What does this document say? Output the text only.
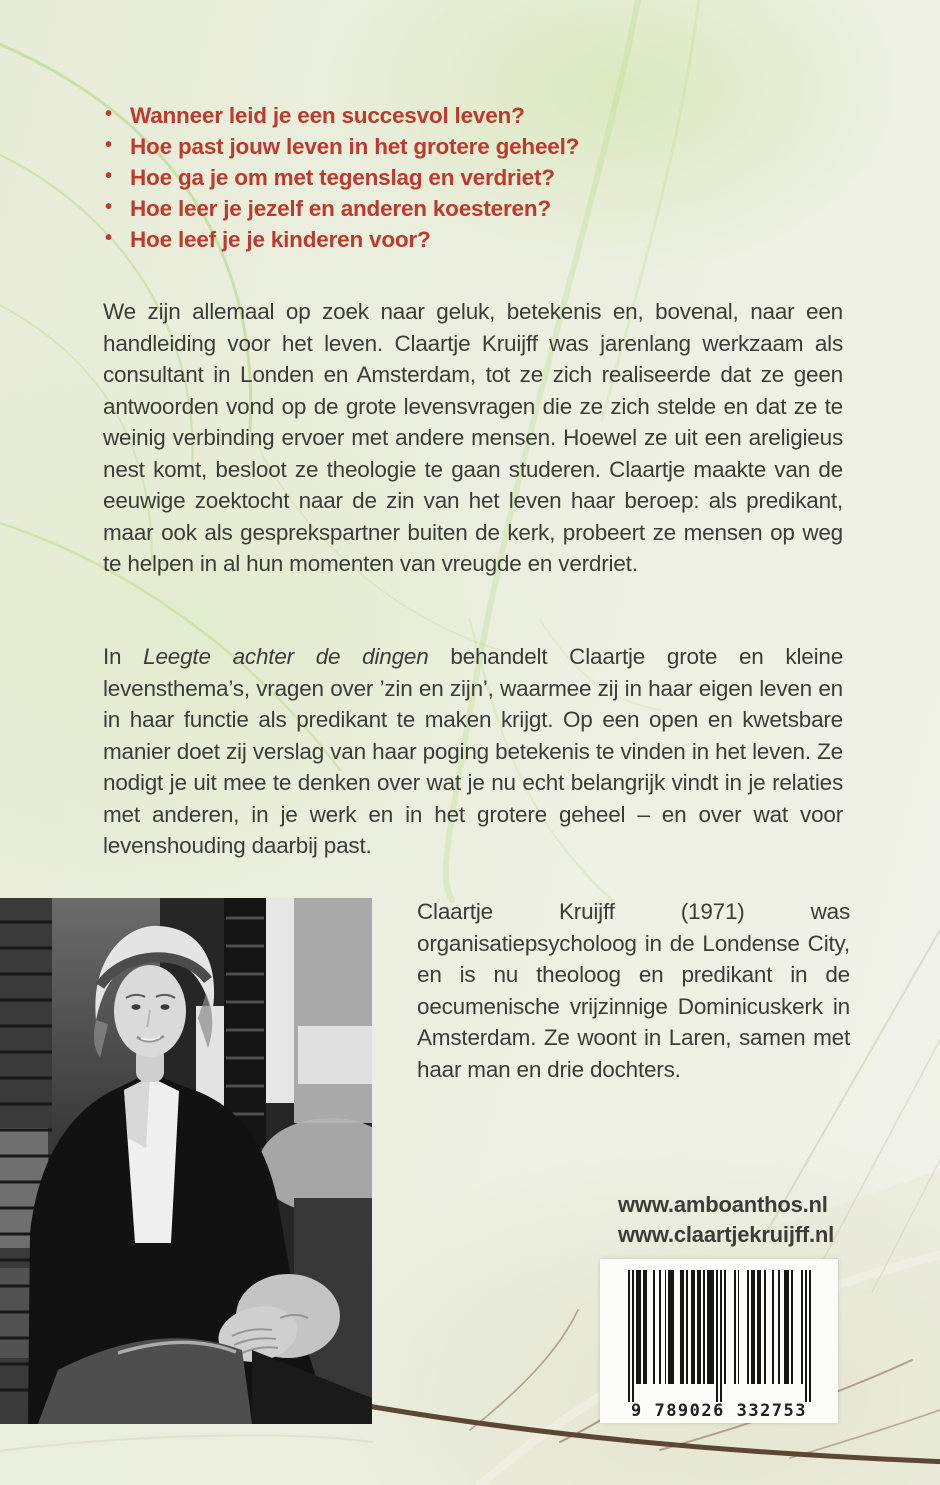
• Wanneer leid je een succesvol leven?
• Hoe past jouw leven in het grotere geheel?
• Hoe ga je om met tegenslag en verdriet?
• Hoe leer je jezelf en anderen koesteren?
• Hoe leef je je kinderen voor?

We zijn allemaal op zoek naar geluk, betekenis en, bovenal, naar een handleiding voor het leven. Claartje Kruijff was jarenlang werkzaam als consultant in Londen en Amsterdam, tot ze zich realiseerde dat ze geen antwoorden vond op de grote levensvragen die ze zich stelde en dat ze te weinig verbinding ervoer met andere mensen. Hoewel ze uit een areligieus nest komt, besloot ze theologie te gaan studeren. Claartje maakte van de eeuwige zoektocht naar de zin van het leven haar beroep: als predikant, maar ook als gesprekspartner buiten de kerk, probeert ze mensen op weg te helpen in al hun momenten van vreugde en verdriet.

In Leegte achter de dingen behandelt Claartje grote en kleine levensthema’s, vragen over ’zin en zijn’, waarmee zij in haar eigen leven en in haar functie als predikant te maken krijgt. Op een open en kwetsbare manier doet zij verslag van haar poging betekenis te vinden in het leven. Ze nodigt je uit mee te denken over wat je nu echt belangrijk vindt in je relaties met anderen, in je werk en in het grotere geheel – en over wat voor levenshouding daarbij past.

Claartje Kruijff (1971) was organisatiepsycholoog in de Londense City, en is nu theoloog en predikant in de oecumenische vrijzinnige Dominicuskerk in Amsterdam. Ze woont in Laren, samen met haar man en drie dochters.

www.amboanthos.nl
www.claartjekruijff.nl
9 789026 332753
